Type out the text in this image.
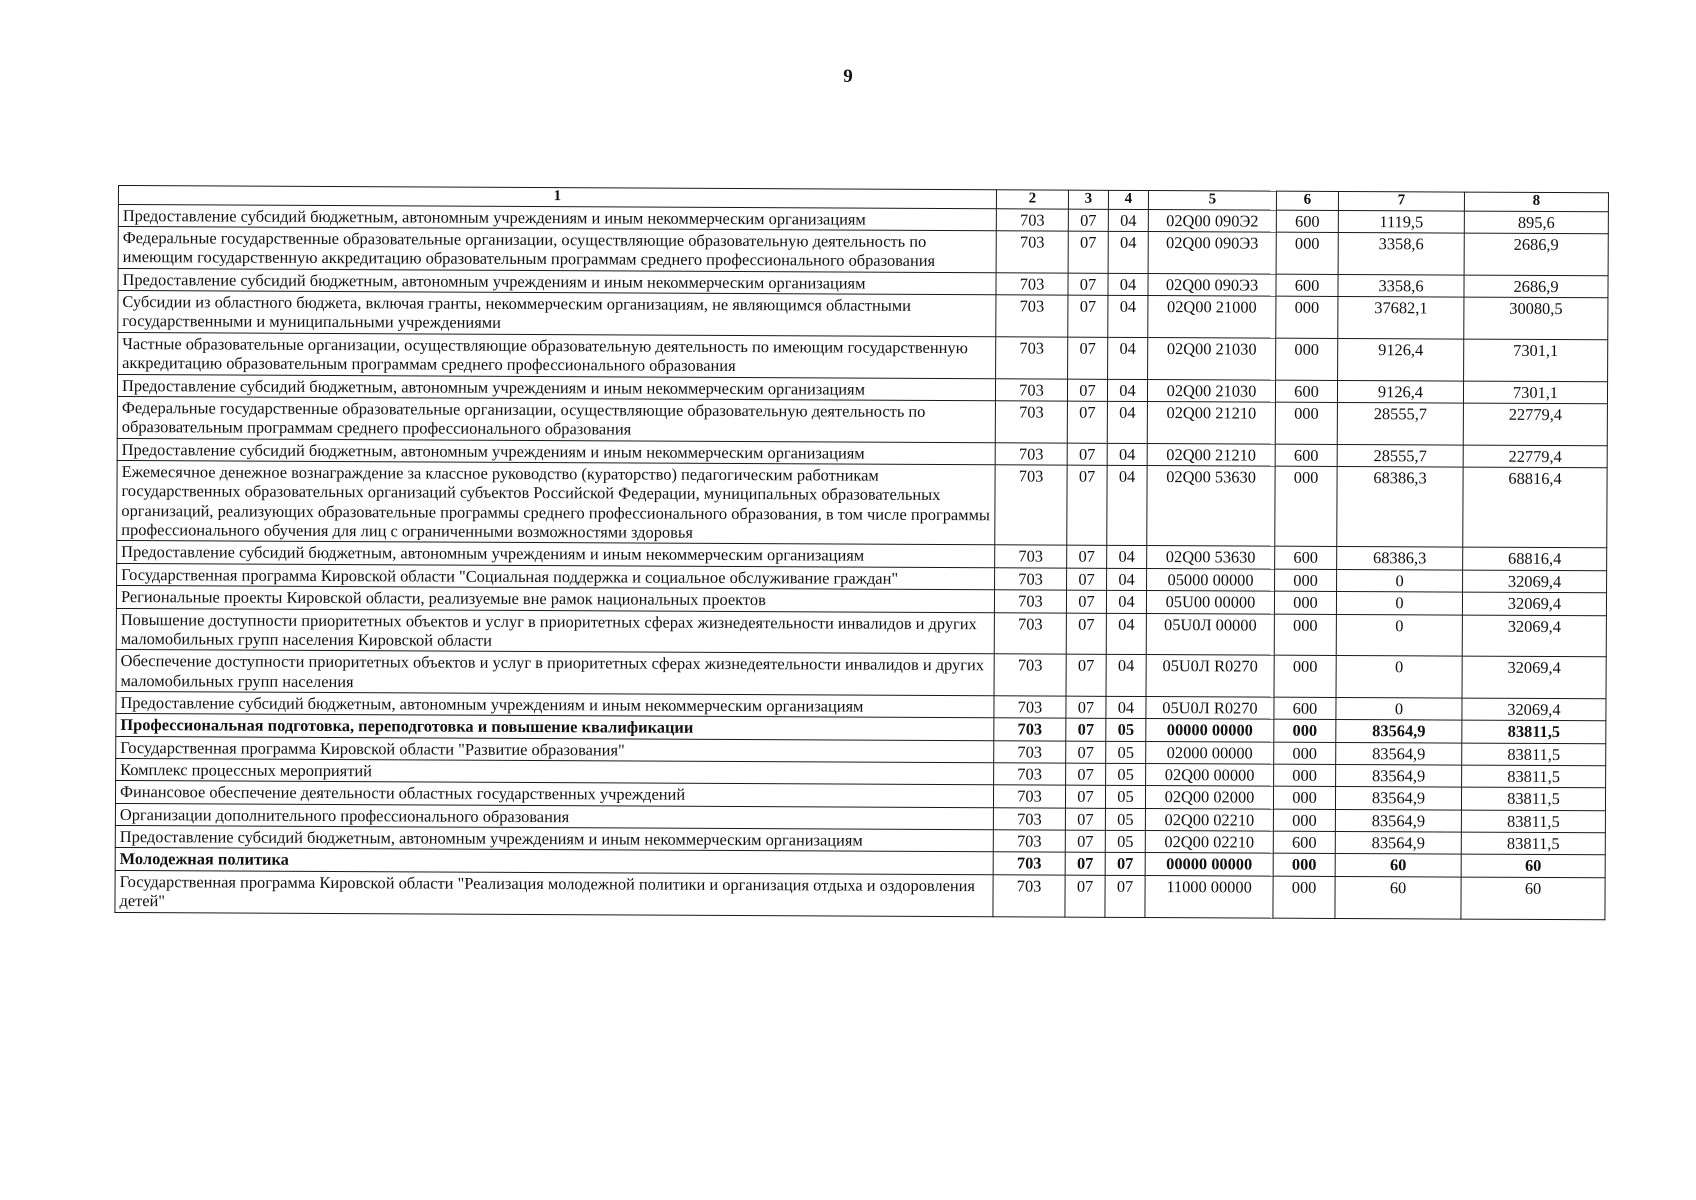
9
1	2	3	4	5	6	7	8
Предоставление субсидий бюджетным, автономным учреждениям и иным некоммерческим организациям	703	07	04	02Q00 090Э2	600	1119,5	895,6
Федеральные государственные образовательные организации, осуществляющие образовательную деятельность по имеющим государственную аккредитацию образовательным программам среднего профессионального образования	703	07	04	02Q00 090Э3	000	3358,6	2686,9
Предоставление субсидий бюджетным, автономным учреждениям и иным некоммерческим организациям	703	07	04	02Q00 090Э3	600	3358,6	2686,9
Субсидии из областного бюджета, включая гранты, некоммерческим организациям, не являющимся областными государственными и муниципальными учреждениями	703	07	04	02Q00 21000	000	37682,1	30080,5
Частные образовательные организации, осуществляющие образовательную деятельность по имеющим государственную аккредитацию образовательным программам среднего профессионального образования	703	07	04	02Q00 21030	000	9126,4	7301,1
Предоставление субсидий бюджетным, автономным учреждениям и иным некоммерческим организациям	703	07	04	02Q00 21030	600	9126,4	7301,1
Федеральные государственные образовательные организации, осуществляющие образовательную деятельность по образовательным программам среднего профессионального образования	703	07	04	02Q00 21210	000	28555,7	22779,4
Предоставление субсидий бюджетным, автономным учреждениям и иным некоммерческим организациям	703	07	04	02Q00 21210	600	28555,7	22779,4
Ежемесячное денежное вознаграждение за классное руководство (кураторство) педагогическим работникам государственных образовательных организаций субъектов Российской Федерации, муниципальных образовательных организаций, реализующих образовательные программы среднего профессионального образования, в том числе программы профессионального обучения для лиц с ограниченными возможностями здоровья	703	07	04	02Q00 53630	000	68386,3	68816,4
Предоставление субсидий бюджетным, автономным учреждениям и иным некоммерческим организациям	703	07	04	02Q00 53630	600	68386,3	68816,4
Государственная программа Кировской области "Социальная поддержка и социальное обслуживание граждан"	703	07	04	05000 00000	000	0	32069,4
Региональные проекты Кировской области, реализуемые вне рамок национальных проектов	703	07	04	05U00 00000	000	0	32069,4
Повышение доступности приоритетных объектов и услуг в приоритетных сферах жизнедеятельности инвалидов и других маломобильных групп населения Кировской области	703	07	04	05U0Л 00000	000	0	32069,4
Обеспечение доступности приоритетных объектов и услуг в приоритетных сферах жизнедеятельности инвалидов и других маломобильных групп населения	703	07	04	05U0Л R0270	000	0	32069,4
Предоставление субсидий бюджетным, автономным учреждениям и иным некоммерческим организациям	703	07	04	05U0Л R0270	600	0	32069,4
Профессиональная подготовка, переподготовка и повышение квалификации	703	07	05	00000 00000	000	83564,9	83811,5
Государственная программа Кировской области "Развитие образования"	703	07	05	02000 00000	000	83564,9	83811,5
Комплекс процессных мероприятий	703	07	05	02Q00 00000	000	83564,9	83811,5
Финансовое обеспечение деятельности областных государственных учреждений	703	07	05	02Q00 02000	000	83564,9	83811,5
Организации дополнительного профессионального образования	703	07	05	02Q00 02210	000	83564,9	83811,5
Предоставление субсидий бюджетным, автономным учреждениям и иным некоммерческим организациям	703	07	05	02Q00 02210	600	83564,9	83811,5
Молодежная политика	703	07	07	00000 00000	000	60	60
Государственная программа Кировской области "Реализация молодежной политики и организация отдыха и оздоровления детей"	703	07	07	11000 00000	000	60	60
